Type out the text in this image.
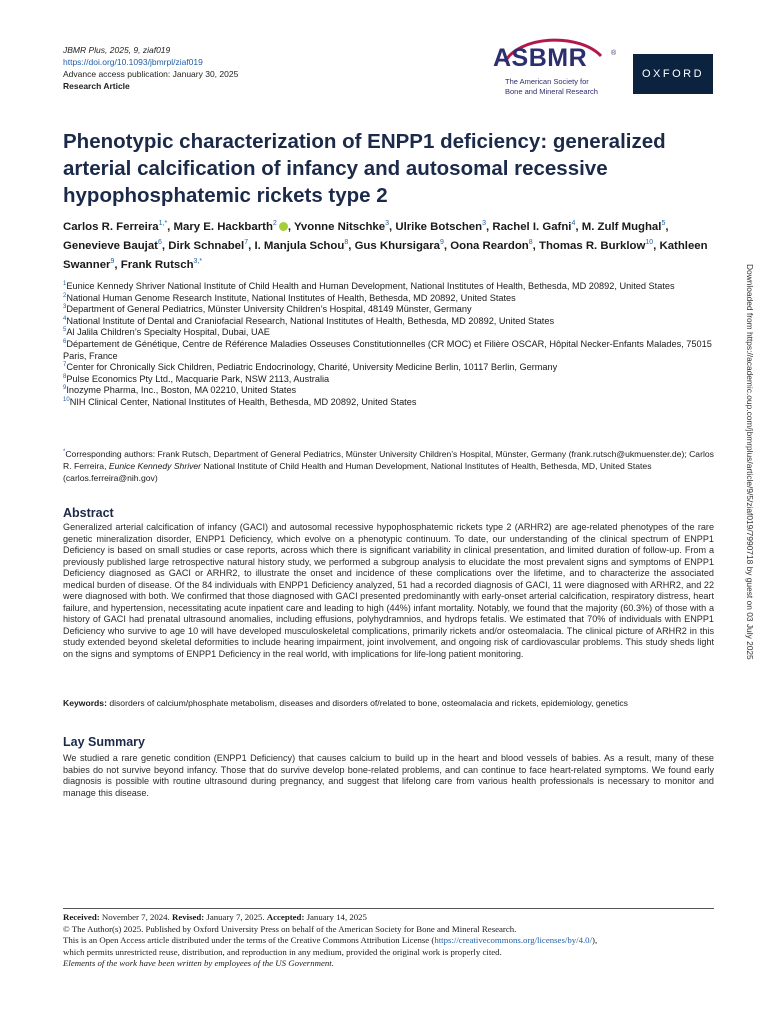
JBMR Plus, 2025, 9, ziaf019
https://doi.org/10.1093/jbmrpl/ziaf019
Advance access publication: January 30, 2025
Research Article
ASBMR	®
The American Society for
Bone and Mineral Research
OXFORD
Phenotypic characterization of ENPP1 deficiency: generalized arterial calcification of infancy and autosomal recessive hypophosphatemic rickets type 2
Carlos R. Ferreira$^{1,*}$, Mary E. Hackbarth$^2$ , Yvonne Nitschke$^3$, Ulrike Botschen$^3$, Rachel I. Gafni$^4$, M. Zulf Mughal$^5$, Genevieve Baujat$^6$, Dirk Schnabel$^7$, I. Manjula Schou$^8$, Gus Khursigara$^9$, Oona Reardon$^8$, Thomas R. Burklow$^{10}$, Kathleen Swanner$^9$, Frank Rutsch$^{3,*}$
$^1$Eunice Kennedy Shriver National Institute of Child Health and Human Development, National Institutes of Health, Bethesda, MD 20892, United States
$^2$National Human Genome Research Institute, National Institutes of Health, Bethesda, MD 20892, United States
$^3$Department of General Pediatrics, Münster University Children’s Hospital, 48149 Münster, Germany
$^4$National Institute of Dental and Craniofacial Research, National Institutes of Health, Bethesda, MD 20892, United States
$^5$Al Jalila Children’s Specialty Hospital, Dubai, UAE
$^6$Département de Génétique, Centre de Référence Maladies Osseuses Constitutionnelles (CR MOC) et Filière OSCAR, Hôpital Necker-Enfants Malades, 75015 Paris, France
$^7$Center for Chronically Sick Children, Pediatric Endocrinology, Charité, University Medicine Berlin, 10117 Berlin, Germany
$^8$Pulse Economics Pty Ltd., Macquarie Park, NSW 2113, Australia
$^9$Inozyme Pharma, Inc., Boston, MA 02210, United States
$^{10}$NIH Clinical Center, National Institutes of Health, Bethesda, MD 20892, United States
*Corresponding authors: Frank Rutsch, Department of General Pediatrics, Münster University Children’s Hospital, Münster, Germany (frank.rutsch@ukmuenster.de); Carlos R. Ferreira, Eunice Kennedy Shriver National Institute of Child Health and Human Development, National Institutes of Health, Bethesda, MD, United States (carlos.ferreira@nih.gov)
Abstract

Generalized arterial calcification of infancy (GACI) and autosomal recessive hypophosphatemic rickets type 2 (ARHR2) are age-related phenotypes of the rare genetic mineralization disorder, ENPP1 Deficiency, which evolve on a phenotypic continuum. To date, our understanding of the clinical spectrum of ENPP1 Deficiency is based on small studies or case reports, across which there is significant variability in clinical presentation, and limited duration of follow-up. From a previously published large retrospective natural history study, we performed a subgroup analysis to elucidate the most prevalent signs and symptoms of ENPP1 Deficiency diagnosed as GACI or ARHR2, to illustrate the onset and incidence of these complications over the lifetime, and to characterize the associated medical burden of disease. Of the 84 individuals with ENPP1 Deficiency analyzed, 51 had a recorded diagnosis of GACI, 11 were diagnosed with ARHR2, and 22 were diagnosed with both. We confirmed that those diagnosed with GACI presented predominantly with early-onset arterial calcification, respiratory distress, heart failure, and hypertension, necessitating acute inpatient care and leading to high (44%) infant mortality. Notably, we found that the majority (60.3%) of those with a history of GACI had prenatal ultrasound anomalies, including effusions, polyhydramnios, and hydrops fetalis. We estimated that 70% of individuals with ENPP1 Deficiency who survive to age 10 will have developed musculoskeletal complications, primarily rickets and/or osteomalacia. The clinical picture of ARHR2 in this study extended beyond skeletal deformities to include hearing impairment, joint involvement, and ongoing risk of cardiovascular problems. This study sheds light on the signs and symptoms of ENPP1 Deficiency in the real world, with implications for life-long patient monitoring.

Keywords: disorders of calcium/phosphate metabolism, diseases and disorders of/related to bone, osteomalacia and rickets, epidemiology, genetics

Lay Summary

We studied a rare genetic condition (ENPP1 Deficiency) that causes calcium to build up in the heart and blood vessels of babies. As a result, many of these babies do not survive beyond infancy. Those that do survive develop bone-related problems, and can continue to face heart-related symptoms. We found early diagnosis is possible with routine ultrasound during pregnancy, and suggest that lifelong care from various health professionals is necessary to monitor and manage this disease.

Received: November 7, 2024. Revised: January 7, 2025. Accepted: January 14, 2025
© The Author(s) 2025. Published by Oxford University Press on behalf of the American Society for Bone and Mineral Research.
This is an Open Access article distributed under the terms of the Creative Commons Attribution License (https://creativecommons.org/licenses/by/4.0/),
which permits unrestricted reuse, distribution, and reproduction in any medium, provided the original work is properly cited.
Elements of the work have been written by employees of the US Government.
Downloaded from https://academic.oup.com/jbmrplus/article/9/5/ziaf019/7990718 by guest on 03 July 2025
